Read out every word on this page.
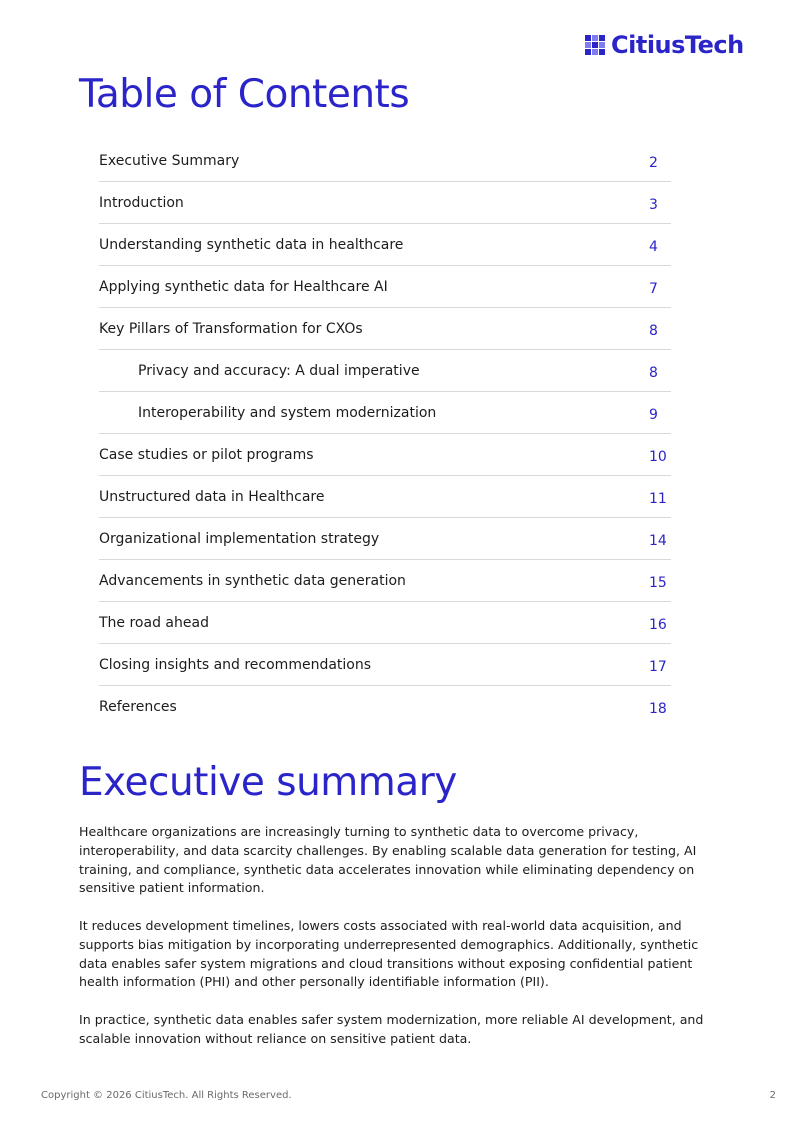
CitiusTech
Table of Contents
Executive Summary	2
Introduction	3
Understanding synthetic data in healthcare	4
Applying synthetic data for Healthcare AI	7
Key Pillars of Transformation for CXOs	8
Privacy and accuracy: A dual imperative	8
Interoperability and system modernization	9
Case studies or pilot programs	10
Unstructured data in Healthcare	11
Organizational implementation strategy	14
Advancements in synthetic data generation	15
The road ahead	16
Closing insights and recommendations	17
References	18
Executive summary

Healthcare organizations are increasingly turning to synthetic data to overcome privacy, interoperability, and data scarcity challenges. By enabling scalable data generation for testing, AI training, and compliance, synthetic data accelerates innovation while eliminating dependency on sensitive patient information.

It reduces development timelines, lowers costs associated with real-world data acquisition, and supports bias mitigation by incorporating underrepresented demographics. Additionally, synthetic data enables safer system migrations and cloud transitions without exposing confidential patient health information (PHI) and other personally identifiable information (PII).

In practice, synthetic data enables safer system modernization, more reliable AI development, and scalable innovation without reliance on sensitive patient data.

Copyright © 2026 CitiusTech. All Rights Reserved.	2
